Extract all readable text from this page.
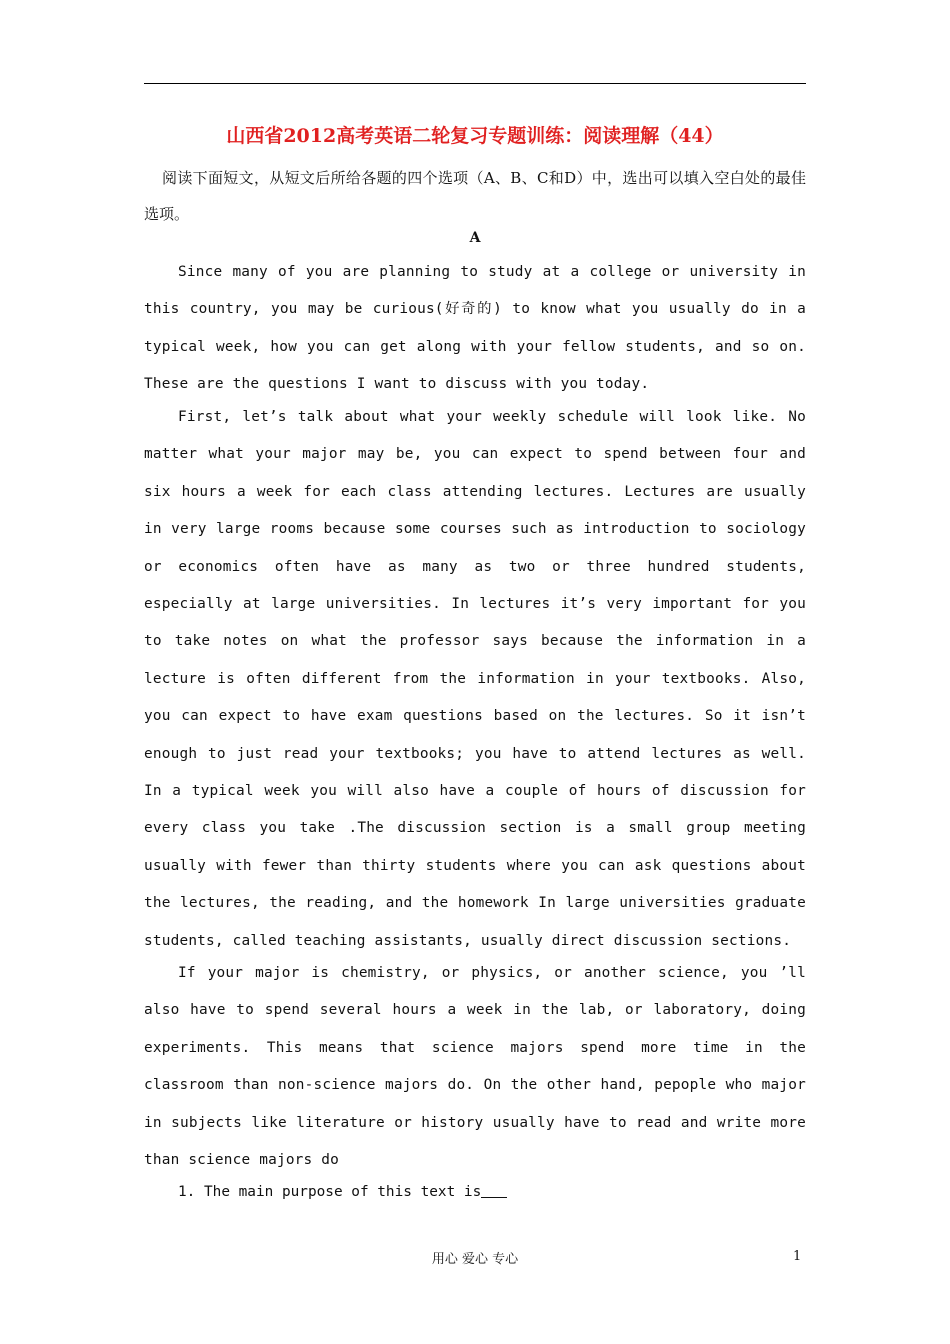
山西省2012高考英语二轮复习专题训练：阅读理解（44）
阅读下面短文，从短文后所给各题的四个选项（A、B、C和D）中，选出可以填入空白处的最佳选项。
A
Since many of you are planning to study at a college or university in this country, you may be curious(好奇的) to know what you usually do in a typical week, how you can get along with your fellow students, and so on. These are the questions I want to discuss with you today.
First, let’s talk about what your weekly schedule will look like. No matter what your major may be, you can expect to spend between four and six hours a week for each class attending lectures. Lectures are usually in very large rooms because some courses such as introduction to sociology or economics often have as many as two or three hundred students, especially at large universities. In lectures it’s very important for you to take notes on what the professor says because the information in a lecture is often different from the information in your textbooks. Also, you can expect to have exam questions based on the lectures. So it isn’t enough to just read your textbooks; you have to attend lectures as well. In a typical week you will also have a couple of hours of discussion for every class you take .The discussion section is a small group meeting usually with fewer than thirty students where you can ask questions about the lectures, the reading, and the homework In large universities graduate students, called teaching assistants, usually direct discussion sections.
If your major is chemistry, or physics, or another science, you ’ll also have to spend several hours a week in the lab, or laboratory, doing experiments. This means that science majors spend more time in the classroom than non-science majors do. On the other hand, pepople who major in subjects like literature or history usually have to read and write more than science majors do
1. The main purpose of this text is
用心 爱心 专心	1
